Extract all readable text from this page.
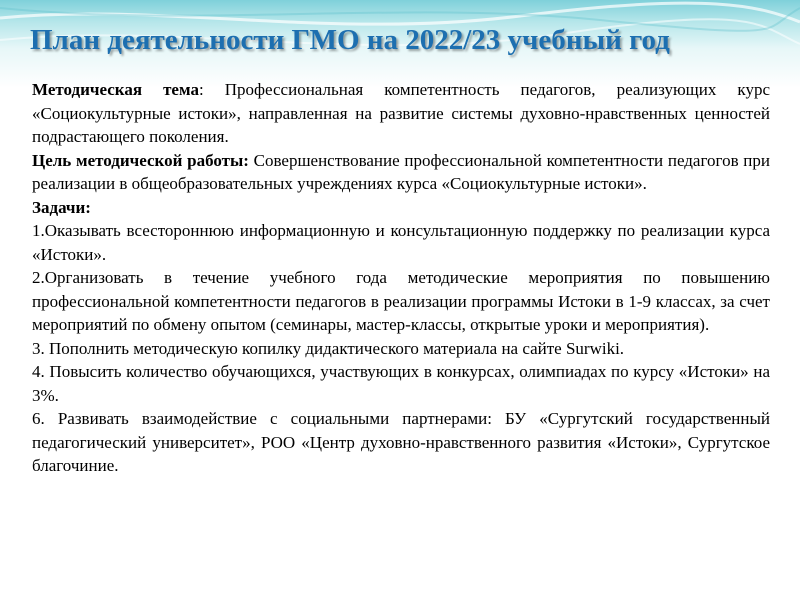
План деятельности ГМО на 2022/23 учебный год

Методическая тема: Профессиональная компетентность педагогов, реализующих курс «Социокультурные истоки», направленная на развитие системы духовно-нравственных ценностей подрастающего поколения.

Цель методической работы: Совершенствование профессиональной компетентности педагогов при реализации в общеобразовательных учреждениях курса «Социокультурные истоки».

Задачи:

1.Оказывать всестороннюю информационную и консультационную поддержку по реализации курса «Истоки».

2.Организовать в течение учебного года методические мероприятия по повышению профессиональной компетентности педагогов в реализации программы Истоки в 1-9 классах, за счет мероприятий по обмену опытом (семинары, мастер-классы, открытые уроки и мероприятия).

3. Пополнить методическую копилку дидактического материала на сайте Surwiki.

4. Повысить количество обучающихся, участвующих в конкурсах, олимпиадах по курсу «Истоки» на 3%.

6. Развивать взаимодействие с социальными партнерами: БУ «Сургутский государственный педагогический университет», РОО «Центр духовно-нравственного развития «Истоки», Сургутское благочиние.
